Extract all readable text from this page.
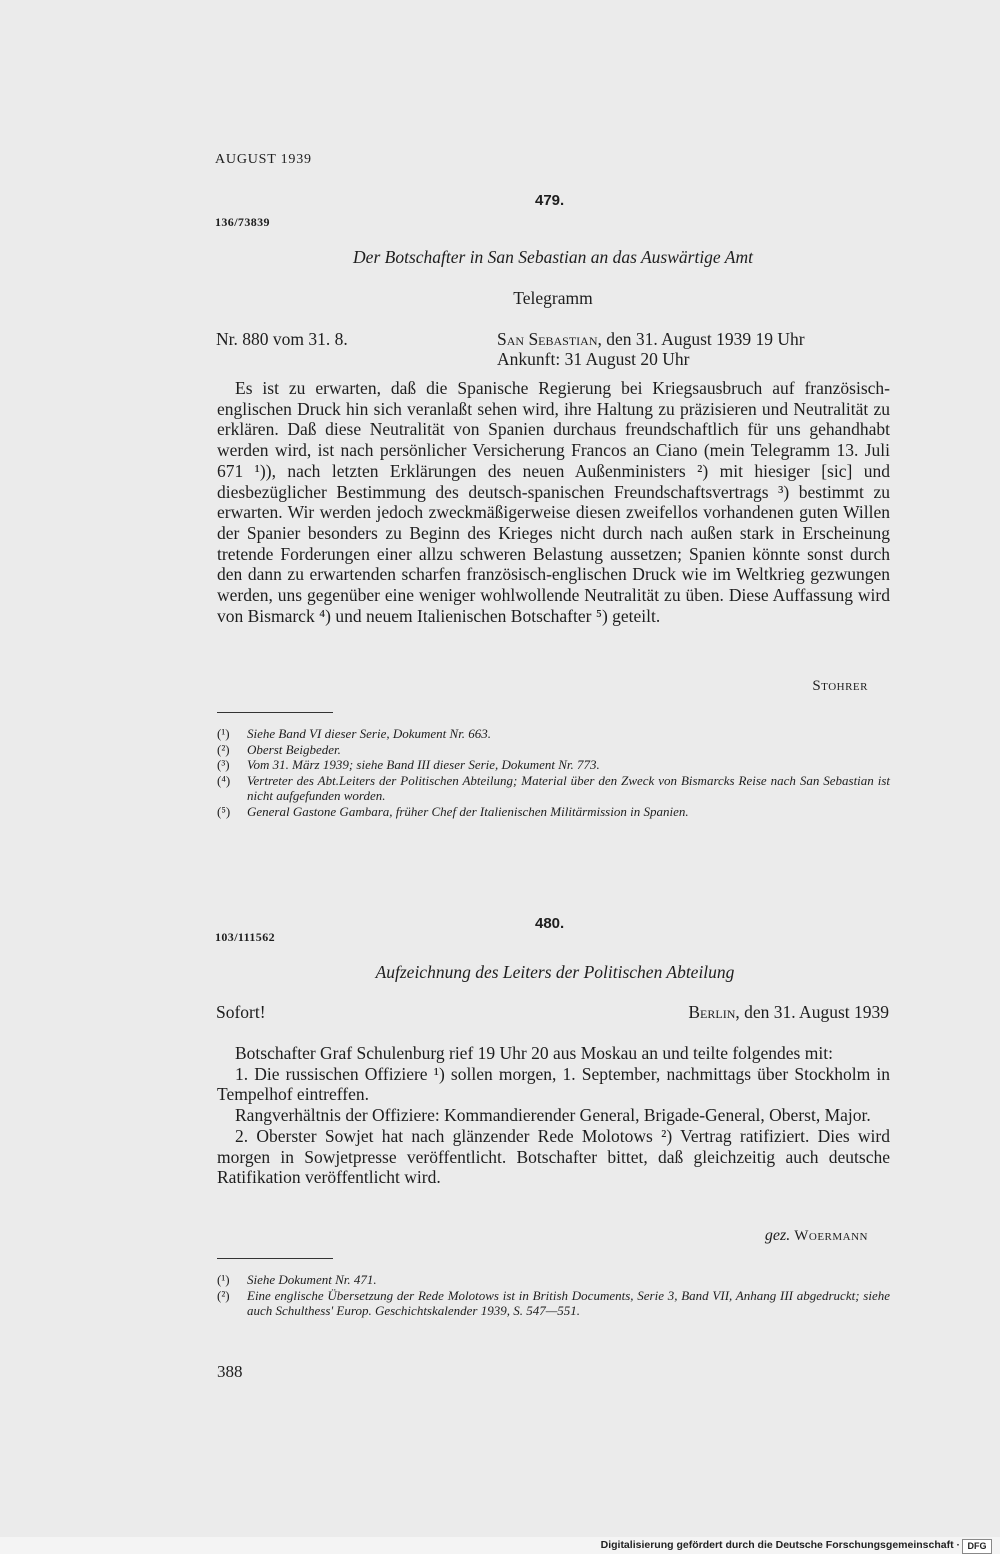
AUGUST 1939
479.
136/73839
Der Botschafter in San Sebastian an das Auswärtige Amt
Telegramm
Nr. 880 vom 31. 8.	San Sebastian, den 31. August 1939 19 Uhr
Ankunft: 31 August 20 Uhr

Es ist zu erwarten, daß die Spanische Regierung bei Kriegsausbruch auf französisch-englischen Druck hin sich veranlaßt sehen wird, ihre Haltung zu präzisieren und Neutralität zu erklären. Daß diese Neutralität von Spanien durchaus freundschaftlich für uns gehandhabt werden wird, ist nach persönlicher Versicherung Francos an Ciano (mein Telegramm 13. Juli 671 ¹)), nach letzten Erklärungen des neuen Außenministers ²) mit hiesiger [sic] und diesbezüglicher Bestimmung des deutsch-spanischen Freundschaftsvertrags ³) bestimmt zu erwarten. Wir werden jedoch zweckmäßigerweise diesen zweifellos vorhandenen guten Willen der Spanier besonders zu Beginn des Krieges nicht durch nach außen stark in Erscheinung tretende Forderungen einer allzu schweren Belastung aussetzen; Spanien könnte sonst durch den dann zu erwartenden scharfen französisch-englischen Druck wie im Weltkrieg gezwungen werden, uns gegenüber eine weniger wohlwollende Neutralität zu üben. Diese Auffassung wird von Bismarck ⁴) und neuem Italienischen Botschafter ⁵) geteilt.

Stohrer
(¹)	Siehe Band VI dieser Serie, Dokument Nr. 663.
(²)	Oberst Beigbeder.
(³)	Vom 31. März 1939; siehe Band III dieser Serie, Dokument Nr. 773.
(⁴)	Vertreter des Abt.Leiters der Politischen Abteilung; Material über den Zweck von Bismarcks Reise nach San Sebastian ist nicht aufgefunden worden.
(⁵)	General Gastone Gambara, früher Chef der Italienischen Militärmission in Spanien.
480.
103/111562
Aufzeichnung des Leiters der Politischen Abteilung
Sofort!	Berlin, den 31. August 1939

Botschafter Graf Schulenburg rief 19 Uhr 20 aus Moskau an und teilte folgendes mit:

1. Die russischen Offiziere ¹) sollen morgen, 1. September, nachmittags über Stockholm in Tempelhof eintreffen.

Rangverhältnis der Offiziere: Kommandierender General, Brigade-General, Oberst, Major.

2. Oberster Sowjet hat nach glänzender Rede Molotows ²) Vertrag ratifiziert. Dies wird morgen in Sowjetpresse veröffentlicht. Botschafter bittet, daß gleichzeitig auch deutsche Ratifikation veröffentlicht wird.

gez. Woermann
(¹)	Siehe Dokument Nr. 471.
(²)	Eine englische Übersetzung der Rede Molotows ist in British Documents, Serie 3, Band VII, Anhang III abgedruckt; siehe auch Schulthess' Europ. Geschichtskalender 1939, S. 547—551.
388
Digitalisierung gefördert durch die Deutsche Forschungsgemeinschaft · DFG
